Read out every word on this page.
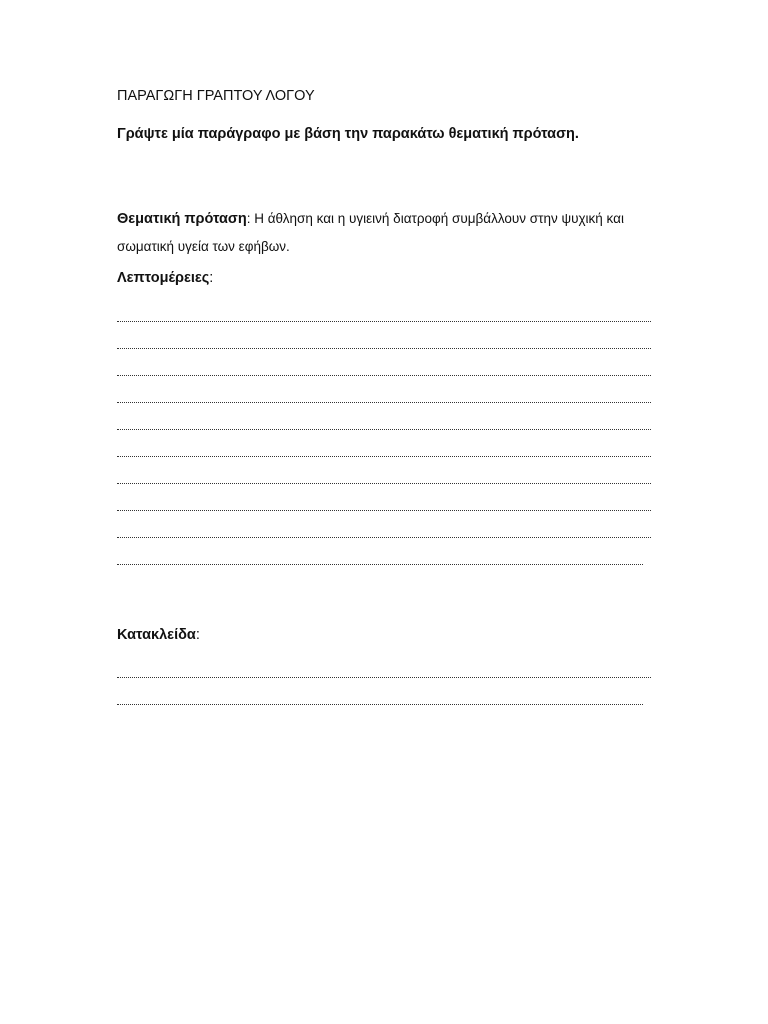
ΠΑΡΑΓΩΓΗ ΓΡΑΠΤΟΥ ΛΟΓΟΥ
Γράψτε μία παράγραφο με βάση την παρακάτω θεματική πρόταση.
Θεματική πρόταση: Η άθληση και η υγιεινή διατροφή συμβάλλουν στην ψυχική και σωματική υγεία των εφήβων.
Λεπτομέρειες:
Κατακλείδα:
